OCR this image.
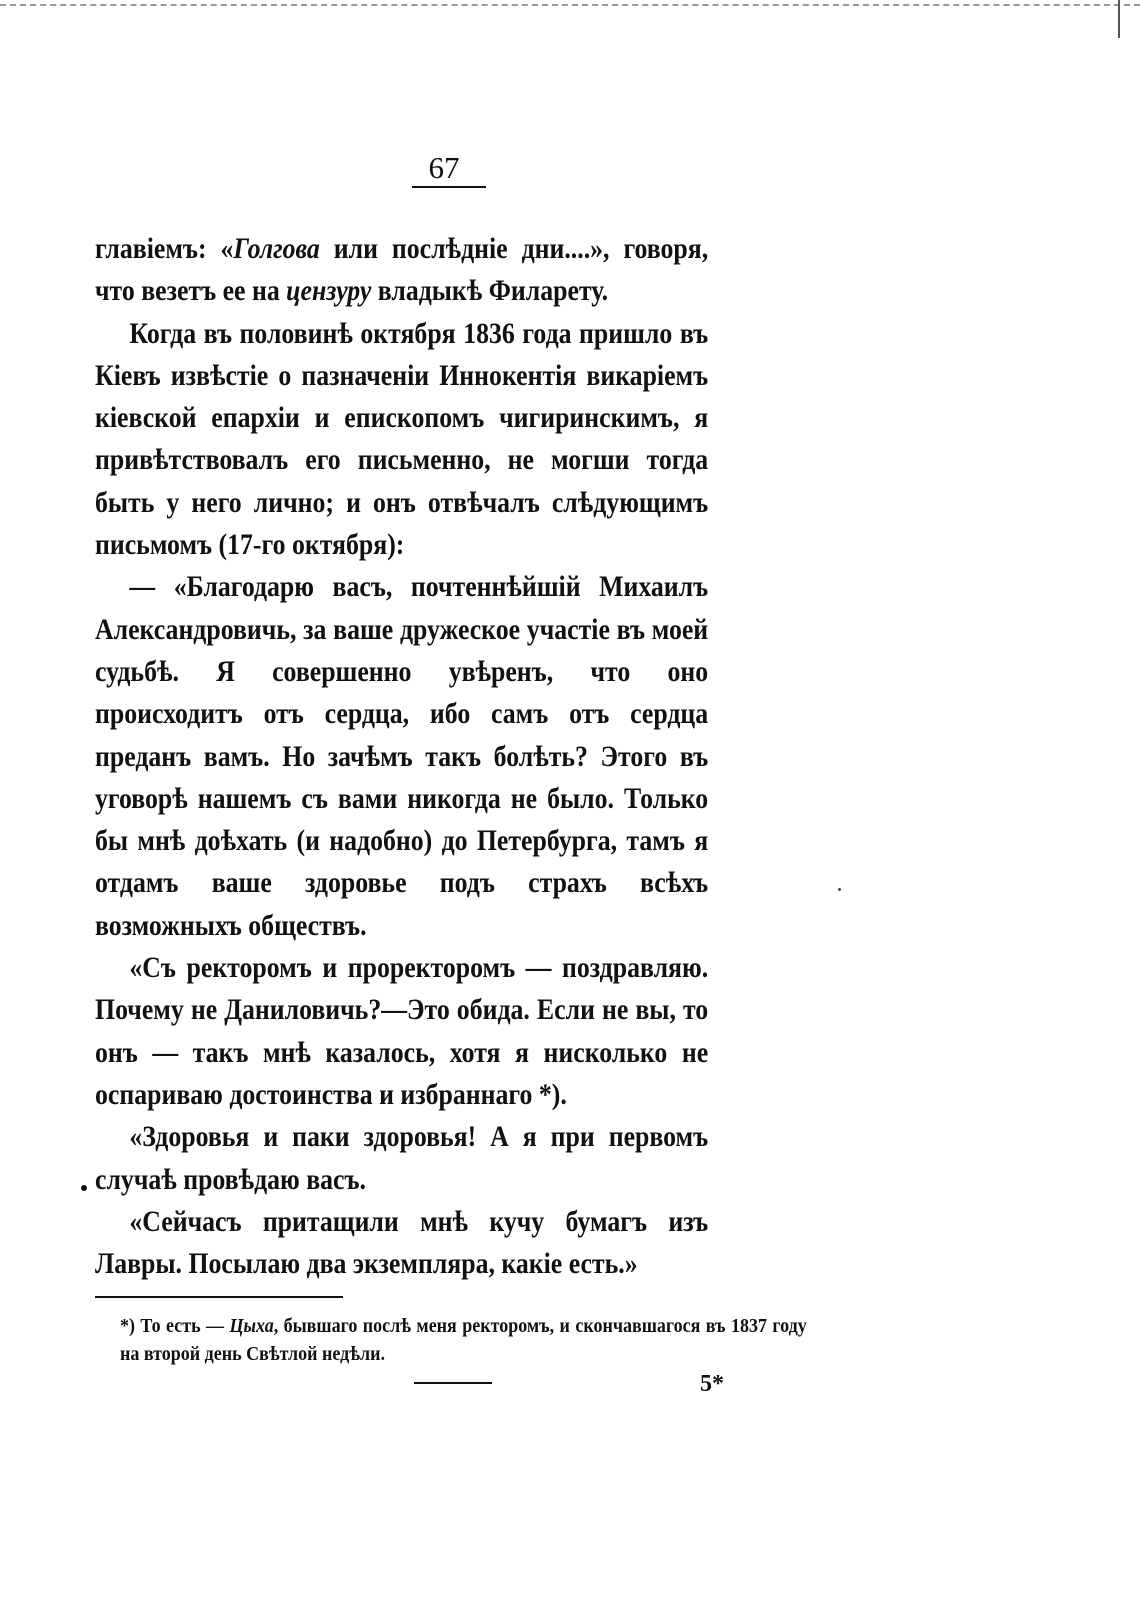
67

главіемъ: «Голгова или послѣдніе дни....», говоря, что везетъ ее на цензуру владыкѣ Филарету.

Когда въ половинѣ октября 1836 года пришло въ Кіевъ извѣстіе о пазначеніи Иннокентія викаріемъ кіевской епархіи и епископомъ чигиринскимъ, я привѣтствовалъ его письменно, не могши тогда быть у него лично; и онъ отвѣчалъ слѣдующимъ письмомъ (17-го октября):

— «Благодарю васъ, почтеннѣйшій Михаилъ Александровичь, за ваше дружеское участіе въ моей судьбѣ. Я совершенно увѣренъ, что оно происходитъ отъ сердца, ибо самъ отъ сердца преданъ вамъ. Но зачѣмъ такъ болѣть? Этого въ уговорѣ нашемъ съ вами никогда не было. Только бы мнѣ доѣхать (и надобно) до Петербурга, тамъ я отдамъ ваше здоровье подъ страхъ всѣхъ возможныхъ обществъ.

«Съ ректоромъ и проректоромъ — поздравляю. Почему не Даниловичь?—Это обида. Если не вы, то онъ — такъ мнѣ казалось, хотя я нисколько не оспариваю достоинства и избраннаго *).

«Здоровья и паки здоровья! А я при первомъ случаѣ провѣдаю васъ.

«Сейчасъ притащили мнѣ кучу бумагъ изъ Лавры. Посылаю два экземпляра, какіе есть.»

*) То есть — Цыха, бывшаго послѣ меня ректоромъ, и скончавшагося въ 1837 году на второй день Свѣтлой недѣли.
5*
